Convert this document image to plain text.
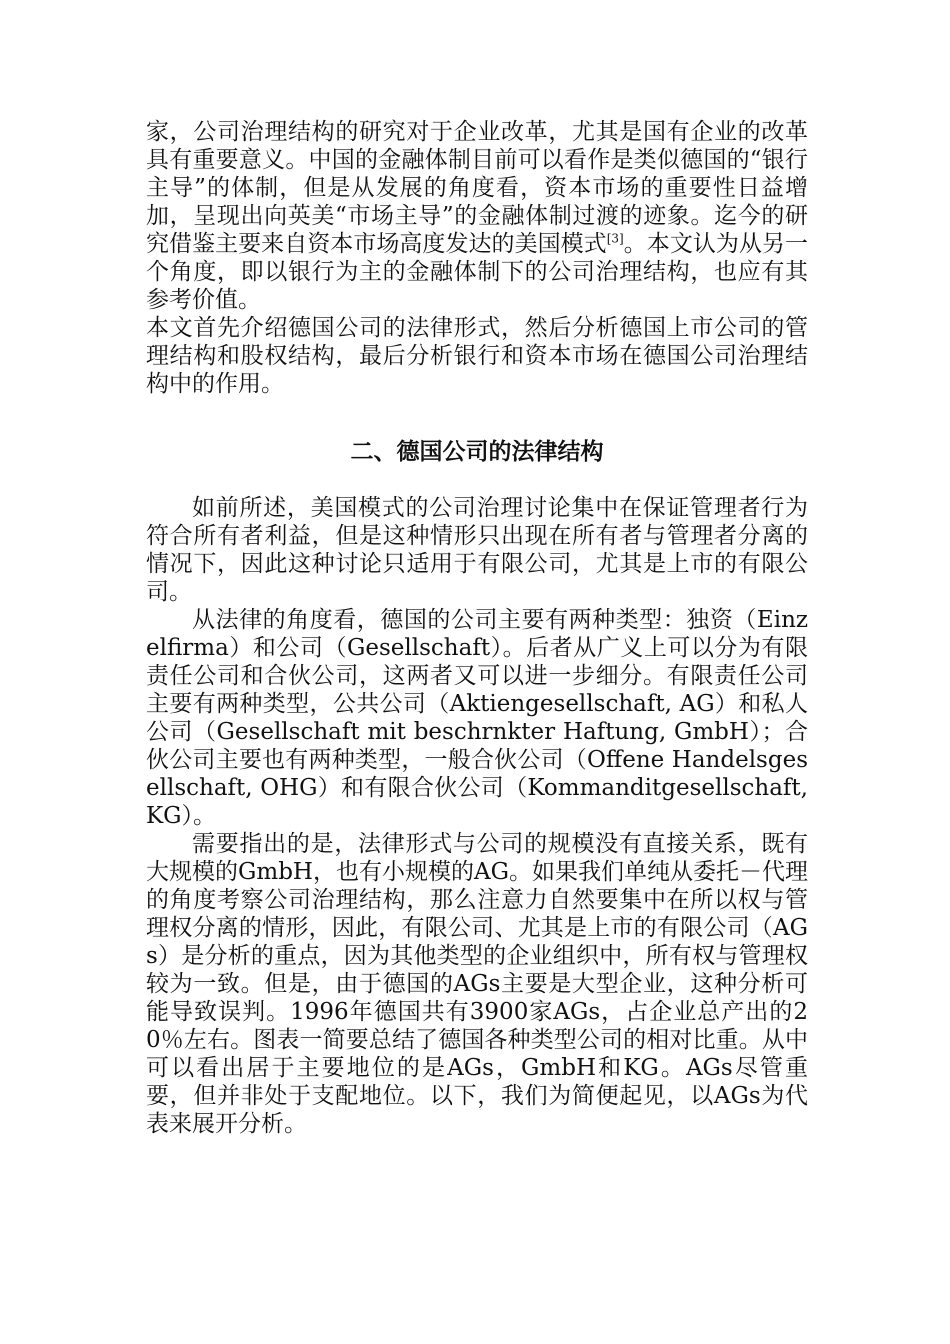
家，公司治理结构的研究对于企业改革，尤其是国有企业的改革具有重要意义。中国的金融体制目前可以看作是类似德国的“银行主导”的体制，但是从发展的角度看，资本市场的重要性日益增加，呈现出向英美“市场主导”的金融体制过渡的迹象。迄今的研究借鉴主要来自资本市场高度发达的美国模式[3]。本文认为从另一个角度，即以银行为主的金融体制下的公司治理结构，也应有其参考价值。

本文首先介绍德国公司的法律形式，然后分析德国上市公司的管理结构和股权结构，最后分析银行和资本市场在德国公司治理结构中的作用。

二、德国公司的法律结构

如前所述，美国模式的公司治理讨论集中在保证管理者行为符合所有者利益，但是这种情形只出现在所有者与管理者分离的情况下，因此这种讨论只适用于有限公司，尤其是上市的有限公司。

从法律的角度看，德国的公司主要有两种类型：独资（Einzelfirma）和公司（Gesellschaft）。后者从广义上可以分为有限责任公司和合伙公司，这两者又可以进一步细分。有限责任公司主要有两种类型，公共公司（Aktiengesellschaft, AG）和私人公司（Gesellschaft mit beschrnkter Haftung, GmbH）；合伙公司主要也有两种类型，一般合伙公司（Offene Handelsgesellschaft, OHG）和有限合伙公司（Kommanditgesellschaft, KG）。

需要指出的是，法律形式与公司的规模没有直接关系，既有大规模的GmbH，也有小规模的AG。如果我们单纯从委托－代理的角度考察公司治理结构，那么注意力自然要集中在所以权与管理权分离的情形，因此，有限公司、尤其是上市的有限公司（AGs）是分析的重点，因为其他类型的企业组织中，所有权与管理权较为一致。但是，由于德国的AGs主要是大型企业，这种分析可能导致误判。1996年德国共有3900家AGs，占企业总产出的20％左右。图表一简要总结了德国各种类型公司的相对比重。从中可以看出居于主要地位的是AGs，GmbH和KG。AGs尽管重要，但并非处于支配地位。以下，我们为简便起见，以AGs为代表来展开分析。
